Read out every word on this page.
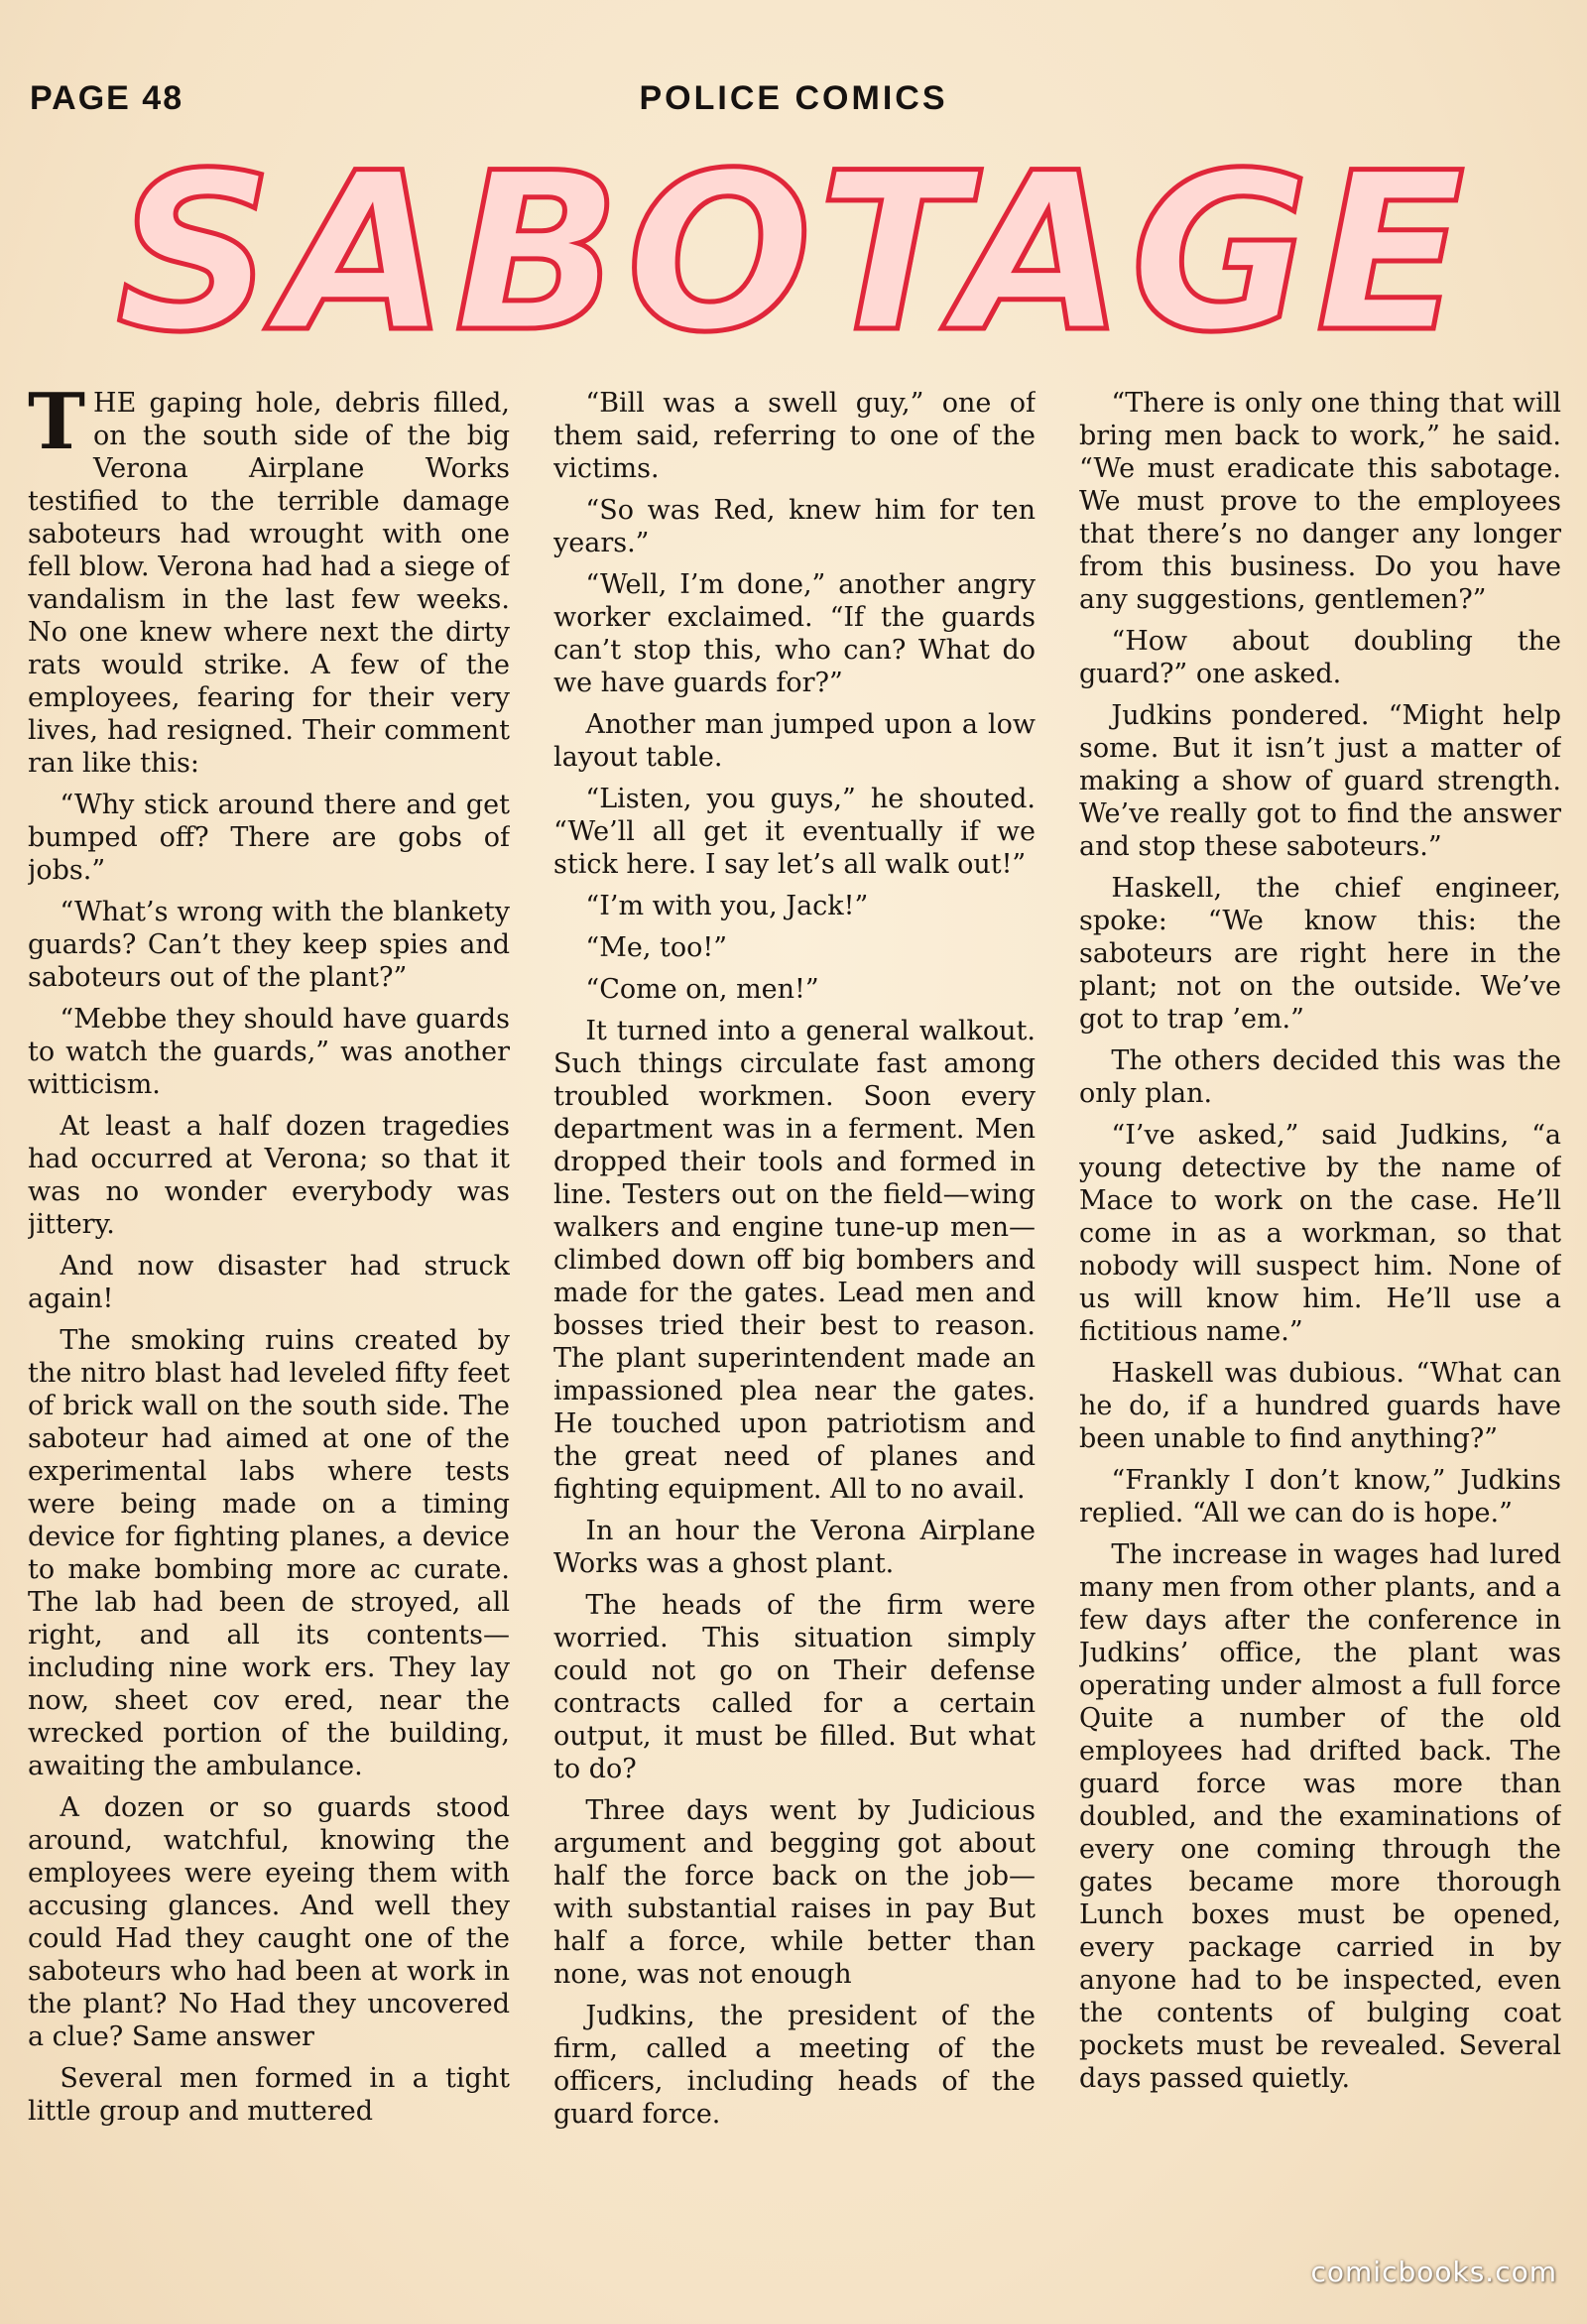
PAGE 48	POLICE COMICS
SABOTAGE

THE gaping hole, debris filled, on the south side of the big Verona Airplane Works testified to the terrible damage saboteurs had wrought with one fell blow. Verona had had a siege of vandalism in the last few weeks. No one knew where next the dirty rats would strike. A few of the employees, fearing for their very lives, had resigned. Their comment ran like this:

“Why stick around there and get bumped off? There are gobs of jobs.”

“What’s wrong with the blankety guards? Can’t they keep spies and saboteurs out of the plant?”

“Mebbe they should have guards to watch the guards,” was another witticism.

At least a half dozen tragedies had occurred at Verona; so that it was no wonder everybody was jittery.

And now disaster had struck again!

The smoking ruins created by the nitro blast had leveled fifty feet of brick wall on the south side. The saboteur had aimed at one of the experimental labs where tests were being made on a timing device for fighting planes, a device to make bombing more ac curate. The lab had been de stroyed, all right, and all its contents—including nine work ers. They lay now, sheet cov ered, near the wrecked portion of the building, awaiting the ambulance.

A dozen or so guards stood around, watchful, knowing the employees were eyeing them with accusing glances. And well they could Had they caught one of the saboteurs who had been at work in the plant? No Had they uncovered a clue? Same answer

Several men formed in a tight little group and muttered

“Bill was a swell guy,” one of them said, referring to one of the victims.

“So was Red, knew him for ten years.”

“Well, I’m done,” another angry worker exclaimed. “If the guards can’t stop this, who can? What do we have guards for?”

Another man jumped upon a low layout table.

“Listen, you guys,” he shouted. “We’ll all get it eventually if we stick here. I say let’s all walk out!”

“I’m with you, Jack!”

“Me, too!”

“Come on, men!”

It turned into a general walkout. Such things circulate fast among troubled workmen. Soon every department was in a ferment. Men dropped their tools and formed in line. Testers out on the field—wing walkers and engine tune-up men—climbed down off big bombers and made for the gates. Lead men and bosses tried their best to reason. The plant superintendent made an impassioned plea near the gates. He touched upon patriotism and the great need of planes and fighting equipment. All to no avail.

In an hour the Verona Airplane Works was a ghost plant.

The heads of the firm were worried. This situation simply could not go on Their defense contracts called for a certain output, it must be filled. But what to do?

Three days went by Judicious argument and begging got about half the force back on the job—with substantial raises in pay But half a force, while better than none, was not enough

Judkins, the president of the firm, called a meeting of the officers, including heads of the guard force.

“There is only one thing that will bring men back to work,” he said. “We must eradicate this sabotage. We must prove to the employees that there’s no danger any longer from this business. Do you have any suggestions, gentlemen?”

“How about doubling the guard?” one asked.

Judkins pondered. “Might help some. But it isn’t just a matter of making a show of guard strength. We’ve really got to find the answer and stop these saboteurs.”

Haskell, the chief engineer, spoke: “We know this: the saboteurs are right here in the plant; not on the outside. We’ve got to trap ’em.”

The others decided this was the only plan.

“I’ve asked,” said Judkins, “a young detective by the name of Mace to work on the case. He’ll come in as a workman, so that nobody will suspect him. None of us will know him. He’ll use a fictitious name.”

Haskell was dubious. “What can he do, if a hundred guards have been unable to find anything?”

“Frankly I don’t know,” Judkins replied. “All we can do is hope.”

The increase in wages had lured many men from other plants, and a few days after the conference in Judkins’ office, the plant was operating under almost a full force Quite a number of the old employees had drifted back. The guard force was more than doubled, and the examinations of every one coming through the gates became more thorough Lunch boxes must be opened, every package carried in by anyone had to be inspected, even the contents of bulging coat pockets must be revealed. Several days passed quietly.

comicbooks.com
